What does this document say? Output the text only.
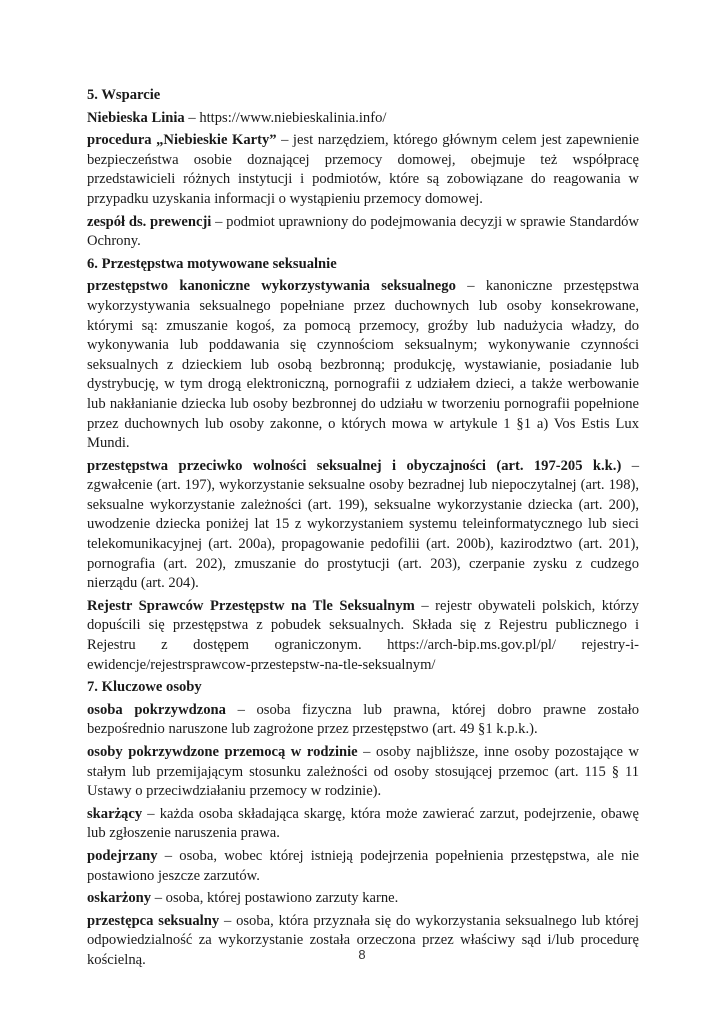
5. Wsparcie

Niebieska Linia – https://www.niebieskalinia.info/

procedura „Niebieskie Karty” – jest narzędziem, którego głównym celem jest zapewnienie bezpieczeństwa osobie doznającej przemocy domowej, obejmuje też współpracę przedstawicieli różnych instytucji i podmiotów, które są zobowiązane do reagowania w przypadku uzyskania informacji o wystąpieniu przemocy domowej.

zespół ds. prewencji – podmiot uprawniony do podejmowania decyzji w sprawie Standardów Ochrony.

6. Przestępstwa motywowane seksualnie

przestępstwo kanoniczne wykorzystywania seksualnego – kanoniczne przestępstwa wykorzystywania seksualnego popełniane przez duchownych lub osoby konsekrowane, którymi są: zmuszanie kogoś, za pomocą przemocy, groźby lub nadużycia władzy, do wykonywania lub poddawania się czynnościom seksualnym; wykonywanie czynności seksualnych z dzieckiem lub osobą bezbronną; produkcję, wystawianie, posiadanie lub dystrybucję, w tym drogą elektroniczną, pornografii z udziałem dzieci, a także werbowanie lub nakłanianie dziecka lub osoby bezbronnej do udziału w tworzeniu pornografii popełnione przez duchownych lub osoby zakonne, o których mowa w artykule 1 §1 a) Vos Estis Lux Mundi.

przestępstwa przeciwko wolności seksualnej i obyczajności (art. 197-205 k.k.) – zgwałcenie (art. 197), wykorzystanie seksualne osoby bezradnej lub niepoczytalnej (art. 198), seksualne wykorzystanie zależności (art. 199), seksualne wykorzystanie dziecka (art. 200), uwodzenie dziecka poniżej lat 15 z wykorzystaniem systemu teleinformatycznego lub sieci telekomunikacyjnej (art. 200a), propagowanie pedofilii (art. 200b), kazirodztwo (art. 201), pornografia (art. 202), zmuszanie do prostytucji (art. 203), czerpanie zysku z cudzego nierządu (art. 204).

Rejestr Sprawców Przestępstw na Tle Seksualnym – rejestr obywateli polskich, którzy dopuścili się przestępstwa z pobudek seksualnych. Składa się z Rejestru publicznego i Rejestru z dostępem ograniczonym. https://arch-bip.ms.gov.pl/pl/ rejestry-i-ewidencje/rejestrsprawcow-przestepstw-na-tle-seksualnym/

7. Kluczowe osoby

osoba pokrzywdzona – osoba fizyczna lub prawna, której dobro prawne zostało bezpośrednio naruszone lub zagrożone przez przestępstwo (art. 49 §1 k.p.k.).

osoby pokrzywdzone przemocą w rodzinie – osoby najbliższe, inne osoby pozostające w stałym lub przemijającym stosunku zależności od osoby stosującej przemoc (art. 115 § 11 Ustawy o przeciwdziałaniu przemocy w rodzinie).

skarżący – każda osoba składająca skargę, która może zawierać zarzut, podejrzenie, obawę lub zgłoszenie naruszenia prawa.

podejrzany – osoba, wobec której istnieją podejrzenia popełnienia przestępstwa, ale nie postawiono jeszcze zarzutów.

oskarżony – osoba, której postawiono zarzuty karne.

przestępca seksualny – osoba, która przyznała się do wykorzystania seksualnego lub której odpowiedzialność za wykorzystanie została orzeczona przez właściwy sąd i/lub procedurę kościelną.	8
